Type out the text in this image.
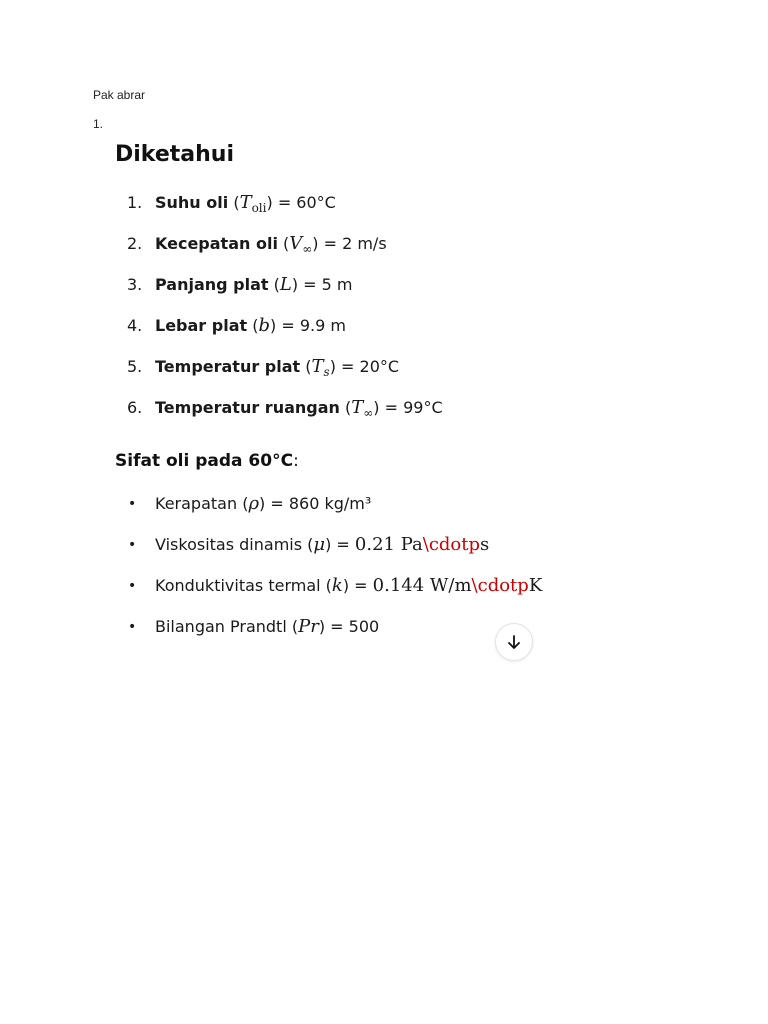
Pak abrar
1.
Diketahui
1. Suhu oli $(T_{oli}) = 60^\circ C$
2. Kecepatan oli $(V_\infty) = 2$ m/s
3. Panjang plat (L) = 5 m
4. Lebar plat (b) = 9.9 m
5. Temperatur plat $(T_s) = 20^\circ C$
6. Temperatur ruangan $(T_\infty) = 99^\circ C$
Sifat oli pada 60°C:
• Kerapatan (ρ) = 860 kg/m³
• Viskositas dinamis (μ) = 0.21 Pa\cdotps
• Konduktivitas termal (k) = 0.144 W/m\cdotpK
• Bilangan Prandtl (Pr) = 500
